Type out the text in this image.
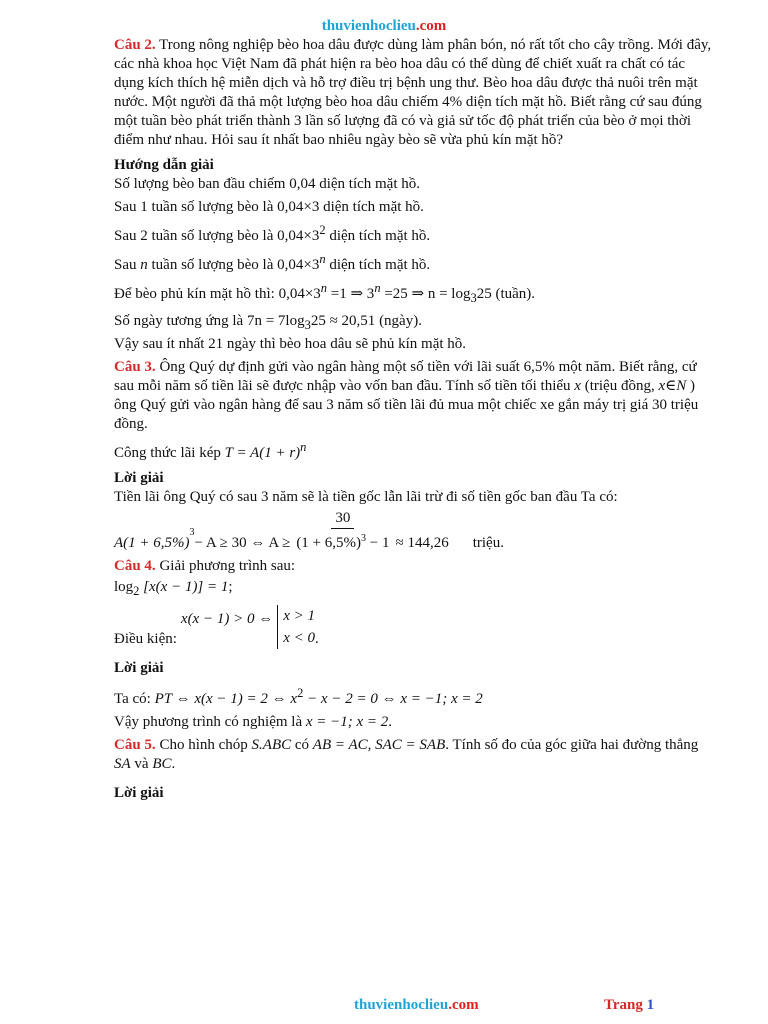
thuvienhoclieu.com

Câu 2. Trong nông nghiệp bèo hoa dâu được dùng làm phân bón, nó rất tốt cho cây trồng. Mới đây, các nhà khoa học Việt Nam đã phát hiện ra bèo hoa dâu có thể dùng để chiết xuất ra chất có tác dụng kích thích hệ miễn dịch và hỗ trợ điều trị bệnh ung thư. Bèo hoa dâu được thả nuôi trên mặt nước. Một người đã thả một lượng bèo hoa dâu chiếm 4% diện tích mặt hồ. Biết rằng cứ sau đúng một tuần bèo phát triển thành 3 lần số lượng đã có và giả sử tốc độ phát triển của bèo ở mọi thời điểm như nhau. Hỏi sau ít nhất bao nhiêu ngày bèo sẽ vừa phủ kín mặt hồ?

Hướng dẫn giải

Số lượng bèo ban đầu chiếm 0,04 diện tích mặt hồ.

Sau 1 tuần số lượng bèo là 0,04×3 diện tích mặt hồ.

Sau 2 tuần số lượng bèo là $0,04\times 3^2$ diện tích mặt hồ.

Sau n tuần số lượng bèo là $0,04\times 3^n$ diện tích mặt hồ.

Để bèo phủ kín mặt hồ thì: $0,04\times 3^n =1$ ⇒ $3^n =25$ ⇒ $n = \log_325$ (tuần).

Số ngày tương ứng là $7n = 7\log_325 \approx 20,51$ (ngày).

Vậy sau ít nhất 21 ngày thì bèo hoa dâu sẽ phủ kín mặt hồ.

Câu 3. Ông Quý dự định gửi vào ngân hàng một số tiền với lãi suất 6,5% một năm. Biết rằng, cứ sau mỗi năm số tiền lãi sẽ được nhập vào vốn ban đầu. Tính số tiền tối thiểu x (triệu đồng, x∈N ) ông Quý gửi vào ngân hàng để sau 3 năm số tiền lãi đủ mua một chiếc xe gắn máy trị giá 30 triệu đồng.

Công thức lãi kép $T = A(1 + r)^n$

Lời giải

Tiền lãi ông Quý có sau 3 năm sẽ là tiền gốc lẫn lãi trừ đi số tiền gốc ban đầu Ta có:

A(1 + 6,5%)
$^3$
− A ≥ 30 ⇔ $A \ge \frac{30}{(1 + 6,5\%)^3 - 1} \approx 144,26$ triệu.

Câu 4. Giải phương trình sau:

$\log_2 [x(x - 1)] = 1$;

Điều kiện:
x(x − 1) > 0 ⇔ x > 1
x < 0 .
Lời giải

Ta có: PT ⇔ x(x − 1) = 2 ⇔ $x^2 - x - 2 = 0$ ⇔ x = −1; x = 2

Vậy phương trình có nghiệm là x = −1; x = 2.

Câu 5. Cho hình chóp S.ABC có AB = AC, SAC = SAB. Tính số đo của góc giữa hai đường thẳng SA và BC.

Lời giải
thuvienhoclieu.com	Trang 1
